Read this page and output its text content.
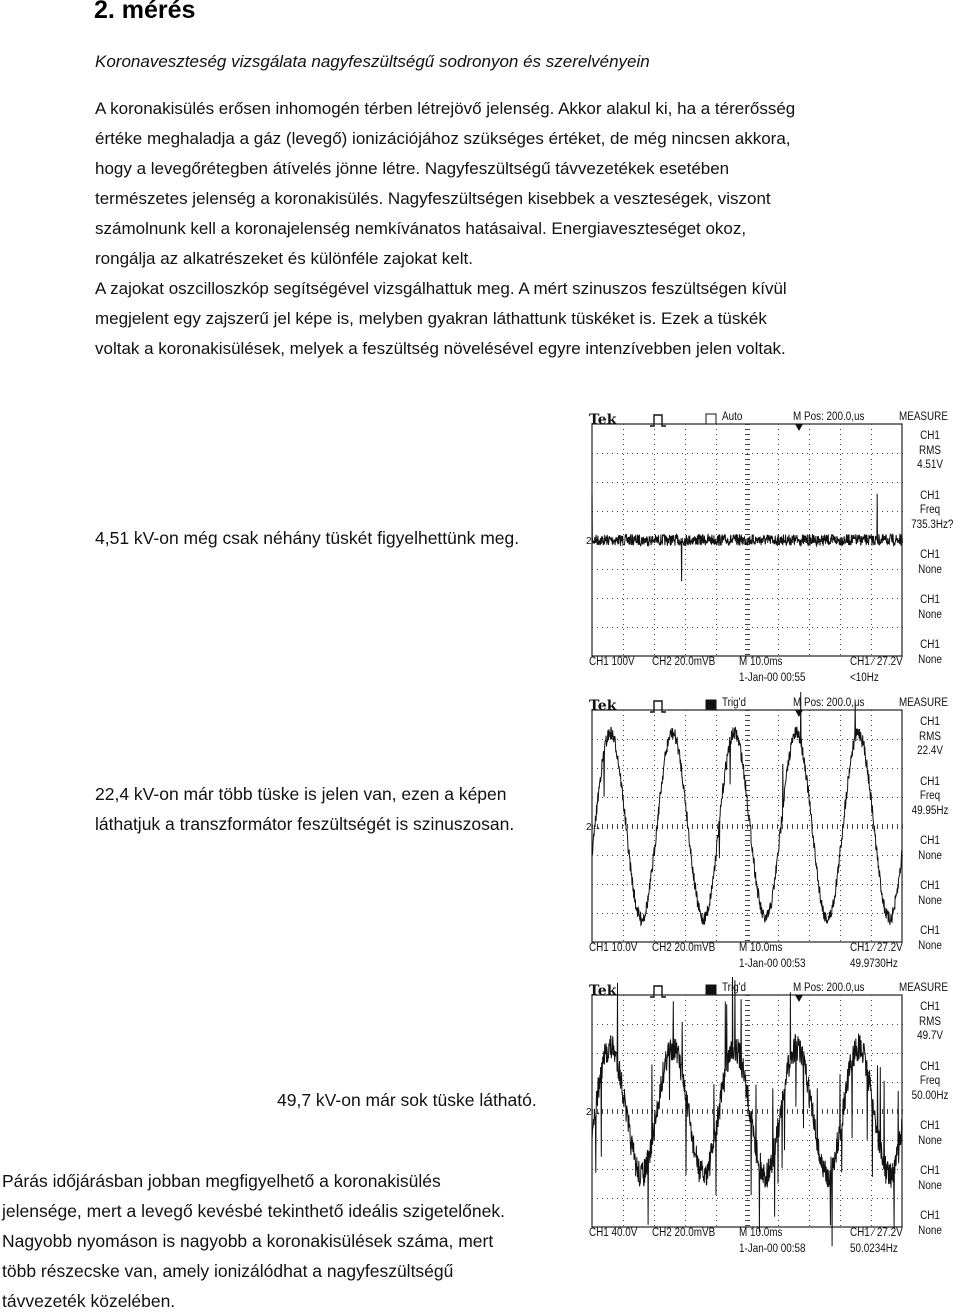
2. mérés
Koronaveszteség vizsgálata nagyfeszültségű sodronyon és szerelvényein
A koronakisülés erősen inhomogén térben létrejövő jelenség. Akkor alakul ki, ha a térerősség
értéke meghaladja a gáz (levegő) ionizációjához szükséges értéket, de még nincsen akkora,
hogy a levegőrétegben átívelés jönne létre. Nagyfeszültségű távvezetékek esetében
természetes jelenség a koronakisülés. Nagyfeszültségen kisebbek a veszteségek, viszont
számolnunk kell a koronajelenség nemkívánatos hatásaival. Energiaveszteséget okoz,
rongálja az alkatrészeket és különféle zajokat kelt.
A zajokat oszcilloszkóp segítségével vizsgálhattuk meg. A mért szinuszos feszültségen kívül
megjelent egy zajszerű jel képe is, melyben gyakran láthattunk tüskéket is. Ezek a tüskék
voltak a koronakisülések, melyek a feszültség növelésével egyre intenzívebben jelen voltak.
4,51 kV-on még csak néhány tüskét figyelhettünk meg.
22,4 kV-on már több tüske is jelen van, ezen a képen
láthatjuk a transzformátor feszültségét is szinuszosan.
49,7 kV-on már sok tüske látható.
Párás időjárásban jobban megfigyelhető a koronakisülés
jelensége, mert a levegő kevésbé tekinthető ideális szigetelőnek.
Nagyobb nyomáson is nagyobb a koronakisülések száma, mert
több részecske van, amely ionizálódhat a nagyfeszültségű
távvezeték közelében.
2→
Tek	Auto	M Pos: 200.0,us	MEASURE
CH1
RMS
4.51V
CH1
Freq
735.3Hz?
CH1
None
CH1
None
CH1
None
CH1 100V CH2 20.0mVB M 10.0ms	CH1 ∕ 27.2V
1-Jan-00 00:55	<10Hz
2→
Tek	Trig'd	M Pos: 200.0,us	MEASURE
CH1
RMS
22.4V
CH1
Freq
49.95Hz
CH1
None
CH1
None
CH1
None
CH1 10.0V CH2 20.0mVB M 10.0ms	CH1 ∕ 27.2V
1-Jan-00 00:53	49.9730Hz
2→
Tek	Trig'd	M Pos: 200.0,us	MEASURE
CH1
RMS
49.7V
CH1
Freq
50.00Hz
CH1
None
CH1
None
CH1
None
CH1 40.0V CH2 20.0mVB M 10.0ms	CH1 ∕ 27.2V
1-Jan-00 00:58	50.0234Hz
